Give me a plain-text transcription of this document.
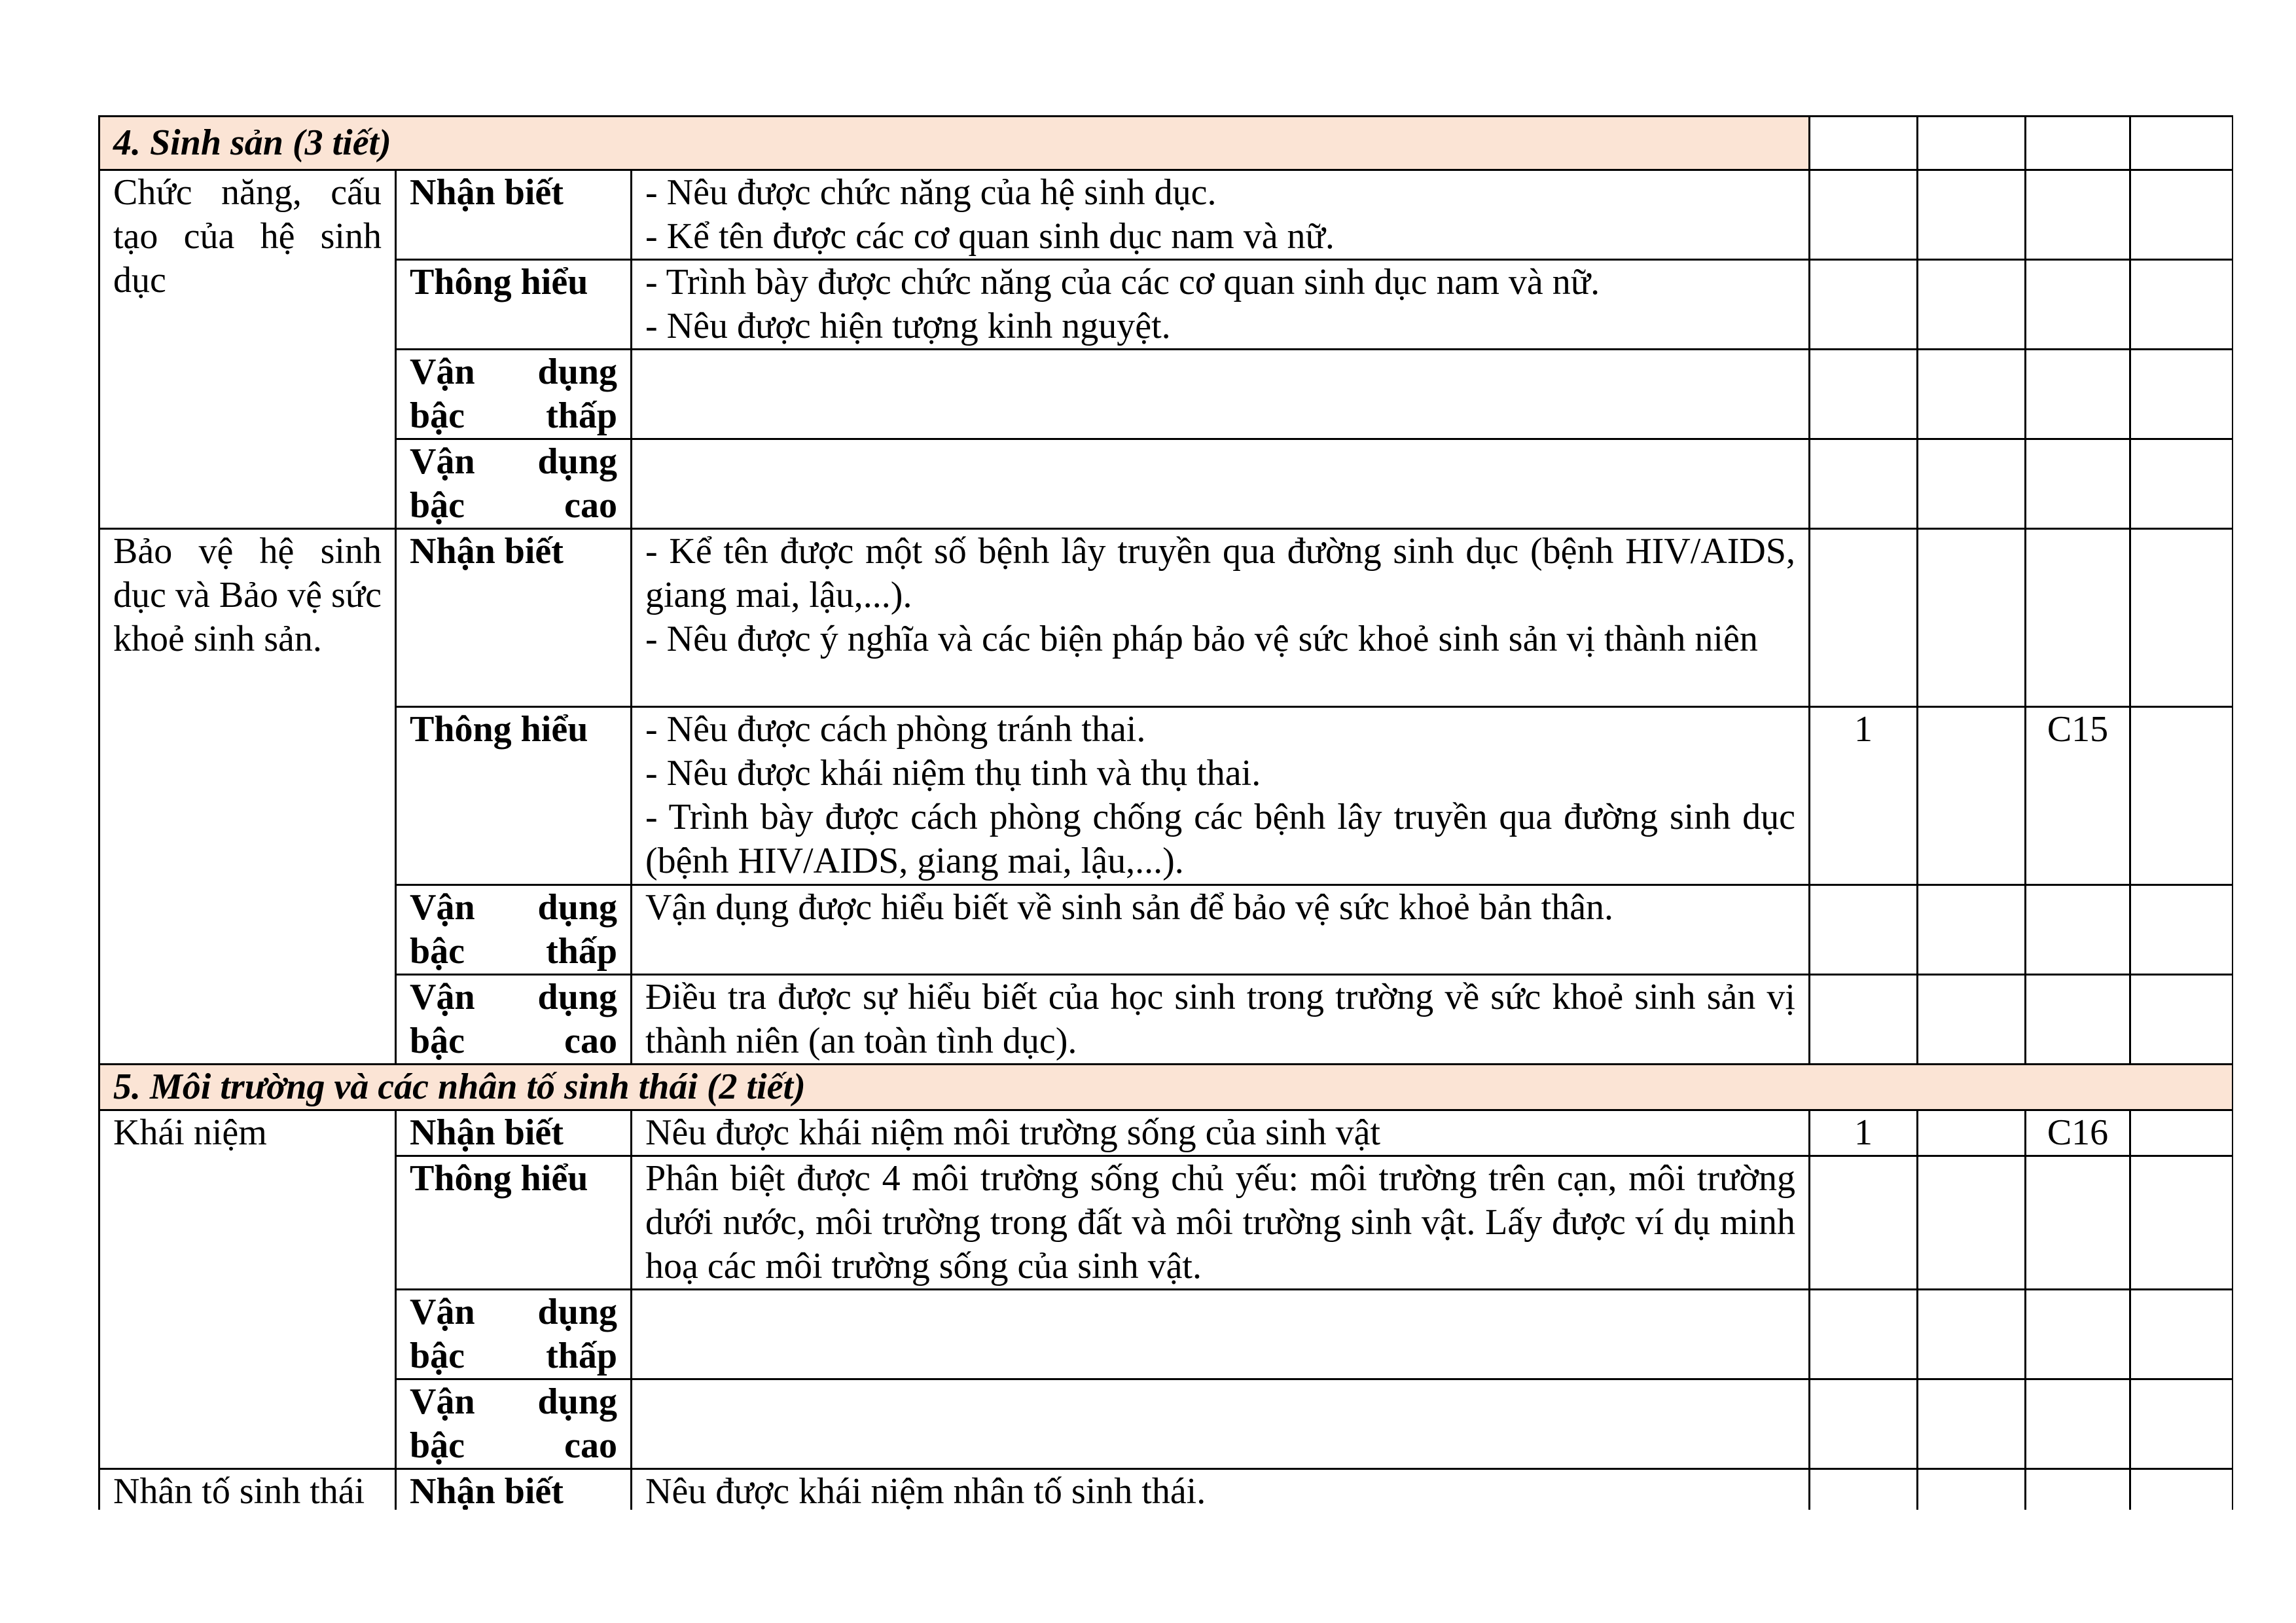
4. Sinh sản (3 tiết)						
Chức năng, cấu tạo của hệ sinh dục	Nhận biết	- Nêu được chức năng của hệ sinh dục.
- Kể tên được các cơ quan sinh dục nam và nữ.				

	Thông hiểu	- Trình bày được chức năng của các cơ quan sinh dục nam và nữ.
- Nêu được hiện tượng kinh nguyệt.				

	Vận dụng bậc thấp					

	Vận dụng bậc cao					

Bảo vệ hệ sinh dục và Bảo vệ sức khoẻ sinh sản.	Nhận biết	- Kể tên được một số bệnh lây truyền qua đường sinh dục (bệnh HIV/AIDS, giang mai, lậu,...).
- Nêu được ý nghĩa và các biện pháp bảo vệ sức khoẻ sinh sản vị thành niên				

	Thông hiểu	- Nêu được cách phòng tránh thai.
- Nêu được khái niệm thụ tinh và thụ thai.
- Trình bày được cách phòng chống các bệnh lây truyền qua đường sinh dục (bệnh HIV/AIDS, giang mai, lậu,...).	1		C15	

	Vận dụng bậc thấp	Vận dụng được hiểu biết về sinh sản để bảo vệ sức khoẻ bản thân.				

	Vận dụng bậc cao	Điều tra được sự hiểu biết của học sinh trong trường về sức khoẻ sinh sản vị thành niên (an toàn tình dục).				

5. Môi trường và các nhân tố sinh thái (2 tiết)						
Khái niệm	Nhận biết	Nêu được khái niệm môi trường sống của sinh vật	1		C16	

	Thông hiểu	Phân biệt được 4 môi trường sống chủ yếu: môi trường trên cạn, môi trường dưới nước, môi trường trong đất và môi trường sinh vật. Lấy được ví dụ minh hoạ các môi trường sống của sinh vật.				

	Vận dụng bậc thấp					

	Vận dụng bậc cao					

Nhân tố sinh thái	Nhận biết	Nêu được khái niệm nhân tố sinh thái.				
